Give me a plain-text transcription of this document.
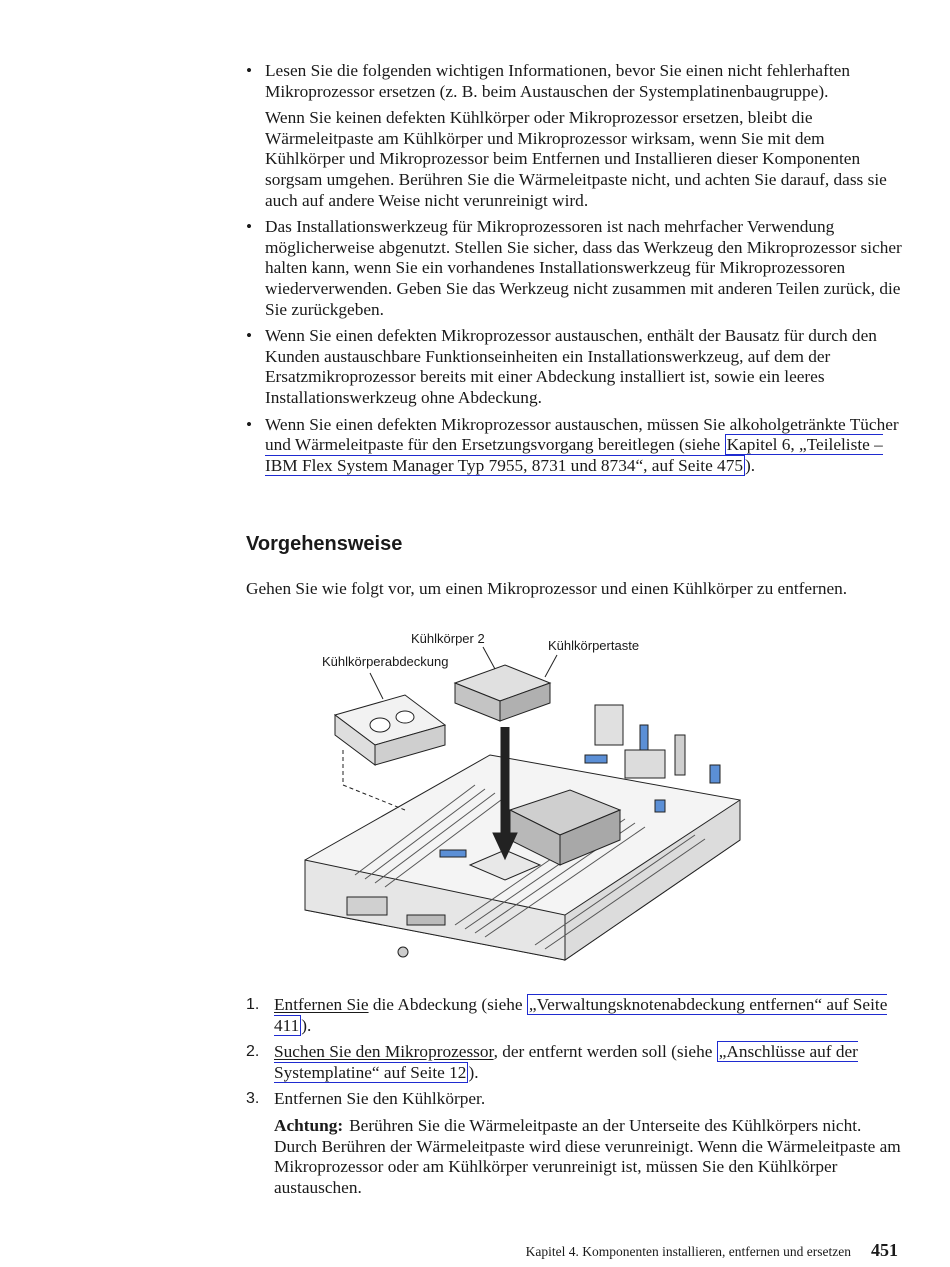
• Lesen Sie die folgenden wichtigen Informationen, bevor Sie einen nicht fehlerhaften Mikroprozessor ersetzen (z. B. beim Austauschen der Systemplatinenbaugruppe).

Wenn Sie keinen defekten Kühlkörper oder Mikroprozessor ersetzen, bleibt die Wärmeleitpaste am Kühlkörper und Mikroprozessor wirksam, wenn Sie mit dem Kühlkörper und Mikroprozessor beim Entfernen und Installieren dieser Komponenten sorgsam umgehen. Berühren Sie die Wärmeleitpaste nicht, und achten Sie darauf, dass sie auch auf andere Weise nicht verunreinigt wird.

• Das Installationswerkzeug für Mikroprozessoren ist nach mehrfacher Verwendung möglicherweise abgenutzt. Stellen Sie sicher, dass das Werkzeug den Mikroprozessor sicher halten kann, wenn Sie ein vorhandenes Installationswerkzeug für Mikroprozessoren wiederverwenden. Geben Sie das Werkzeug nicht zusammen mit anderen Teilen zurück, die Sie zurückgeben.

• Wenn Sie einen defekten Mikroprozessor austauschen, enthält der Bausatz für durch den Kunden austauschbare Funktionseinheiten ein Installationswerkzeug, auf dem der Ersatzmikroprozessor bereits mit einer Abdeckung installiert ist, sowie ein leeres Installationswerkzeug ohne Abdeckung.

• Wenn Sie einen defekten Mikroprozessor austauschen, müssen Sie alkoholgetränkte Tücher und Wärmeleitpaste für den Ersetzungsvorgang bereitlegen (siehe Kapitel 6, „Teileliste – IBM Flex System Manager Typ 7955, 8731 und 8734“, auf Seite 475 ).

Vorgehensweise

Gehen Sie wie folgt vor, um einen Mikroprozessor und einen Kühlkörper zu entfernen.

Kühlkörper 2
Kühlkörperabdeckung
Kühlkörpertaste
1. Entfernen Sie die Abdeckung (siehe „Verwaltungsknotenabdeckung entfernen“ auf Seite 411 ).

2. Suchen Sie den Mikroprozessor, der entfernt werden soll (siehe „Anschlüsse auf der Systemplatine“ auf Seite 12 ).

3. Entfernen Sie den Kühlkörper.

Achtung: Berühren Sie die Wärmeleitpaste an der Unterseite des Kühlkörpers nicht. Durch Berühren der Wärmeleitpaste wird diese verunreinigt. Wenn die Wärmeleitpaste am Mikroprozessor oder am Kühlkörper verunreinigt ist, müssen Sie den Kühlkörper austauschen.

Kapitel 4. Komponenten installieren, entfernen und ersetzen 451
